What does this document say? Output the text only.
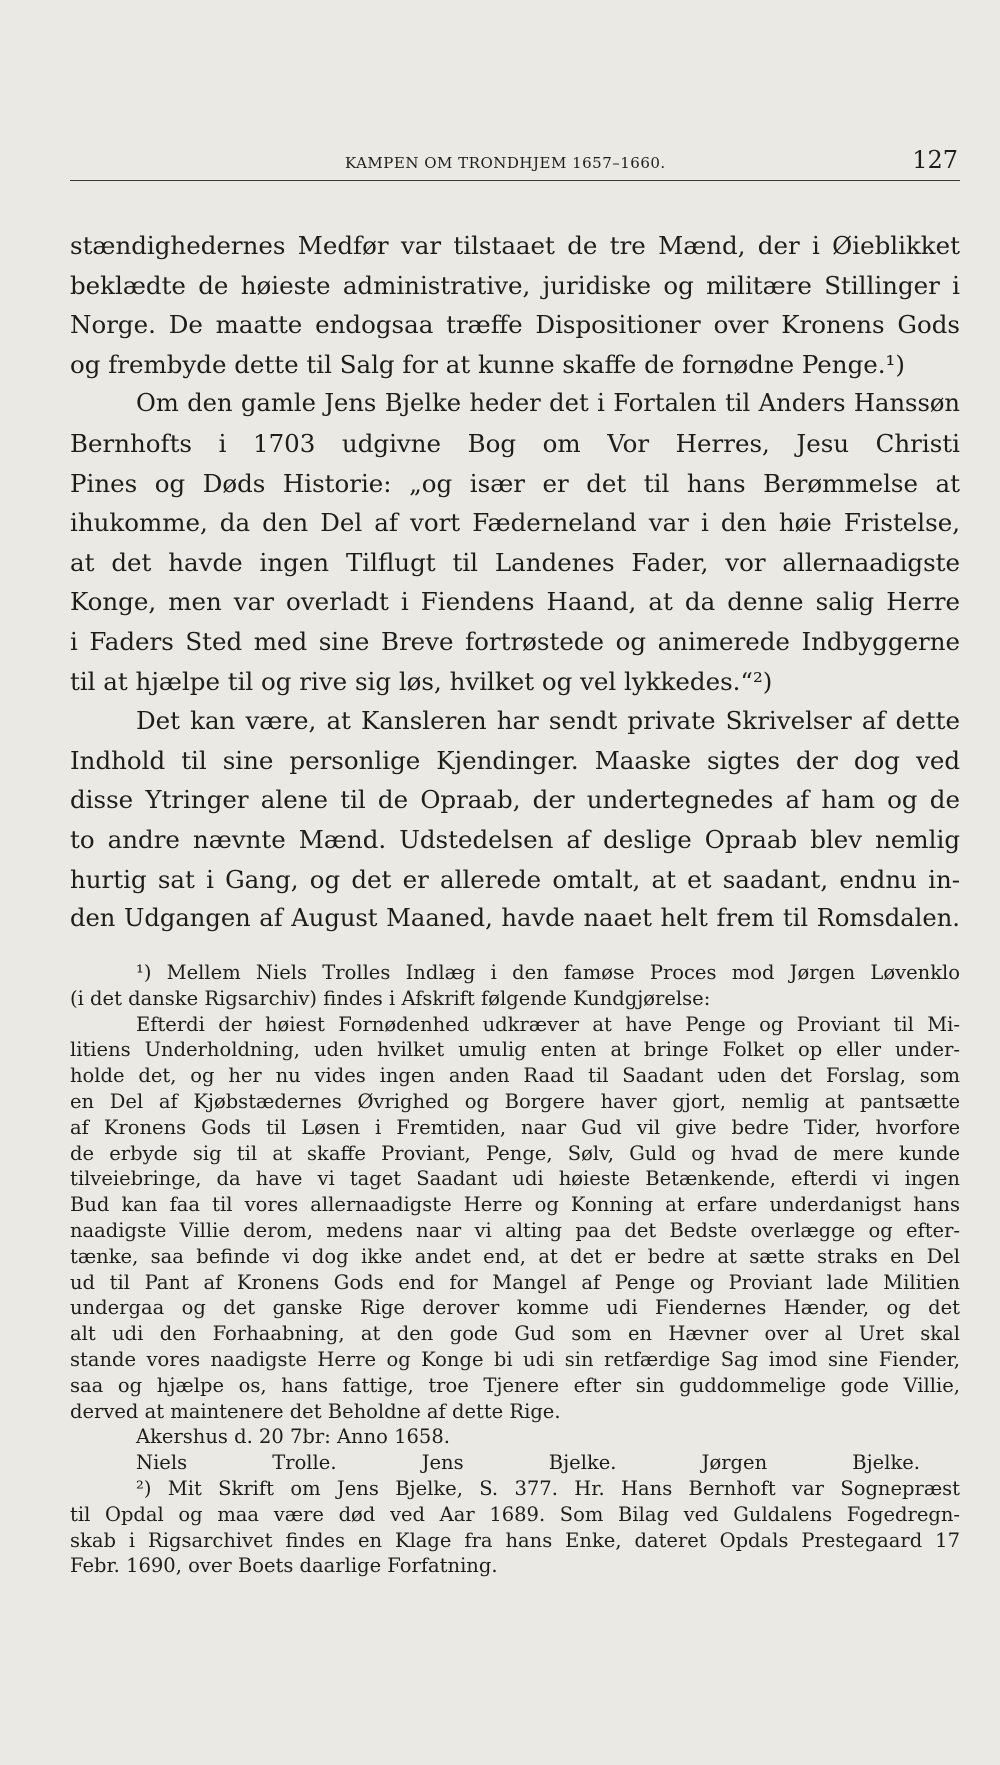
KAMPEN OM TRONDHJEM 1657–1660.	127
stændighedernes Medfør var tilstaaet de tre Mænd, der i Øieblikket
beklædte de høieste administrative, juridiske og militære Stillinger i
Norge. De maatte endogsaa træffe Dispositioner over Kronens Gods
og frembyde dette til Salg for at kunne skaffe de fornødne Penge.¹)
Om den gamle Jens Bjelke heder det i Fortalen til Anders Hanssøn
Bernhofts i 1703 udgivne Bog om Vor Herres, Jesu Christi
Pines og Døds Historie: „og især er det til hans Berømmelse at
ihukomme, da den Del af vort Fæderneland var i den høie Fristelse,
at det havde ingen Tilflugt til Landenes Fader, vor allernaadigste
Konge, men var overladt i Fiendens Haand, at da denne salig Herre
i Faders Sted med sine Breve fortrøstede og animerede Indbyggerne
til at hjælpe til og rive sig løs, hvilket og vel lykkedes.“²)
Det kan være, at Kansleren har sendt private Skrivelser af dette
Indhold til sine personlige Kjendinger. Maaske sigtes der dog ved
disse Ytringer alene til de Opraab, der undertegnedes af ham og de
to andre nævnte Mænd. Udstedelsen af deslige Opraab blev nemlig
hurtig sat i Gang, og det er allerede omtalt, at et saadant, endnu in-
den Udgangen af August Maaned, havde naaet helt frem til Romsdalen.
¹) Mellem Niels Trolles Indlæg i den famøse Proces mod Jørgen Løvenklo
(i det danske Rigsarchiv) findes i Afskrift følgende Kundgjørelse:
Efterdi der høiest Fornødenhed udkræver at have Penge og Proviant til Mi-
litiens Underholdning, uden hvilket umulig enten at bringe Folket op eller under-
holde det, og her nu vides ingen anden Raad til Saadant uden det Forslag, som
en Del af Kjøbstædernes Øvrighed og Borgere haver gjort, nemlig at pantsætte
af Kronens Gods til Løsen i Fremtiden, naar Gud vil give bedre Tider, hvorfore
de erbyde sig til at skaffe Proviant, Penge, Sølv, Guld og hvad de mere kunde
tilveiebringe, da have vi taget Saadant udi høieste Betænkende, efterdi vi ingen
Bud kan faa til vores allernaadigste Herre og Konning at erfare underdanigst hans
naadigste Villie derom, medens naar vi alting paa det Bedste overlægge og efter-
tænke, saa befinde vi dog ikke andet end, at det er bedre at sætte straks en Del
ud til Pant af Kronens Gods end for Mangel af Penge og Proviant lade Militien
undergaa og det ganske Rige derover komme udi Fiendernes Hænder, og det
alt udi den Forhaabning, at den gode Gud som en Hævner over al Uret skal
stande vores naadigste Herre og Konge bi udi sin retfærdige Sag imod sine Fiender,
saa og hjælpe os, hans fattige, troe Tjenere efter sin guddommelige gode Villie,
derved at maintenere det Beholdne af dette Rige.
Akershus d. 20 7br: Anno 1658.
Niels Trolle.	Jens Bjelke.	Jørgen Bjelke.
²) Mit Skrift om Jens Bjelke, S. 377. Hr. Hans Bernhoft var Sognepræst
til Opdal og maa være død ved Aar 1689. Som Bilag ved Guldalens Fogedregn-
skab i Rigsarchivet findes en Klage fra hans Enke, dateret Opdals Prestegaard 17
Febr. 1690, over Boets daarlige Forfatning.
